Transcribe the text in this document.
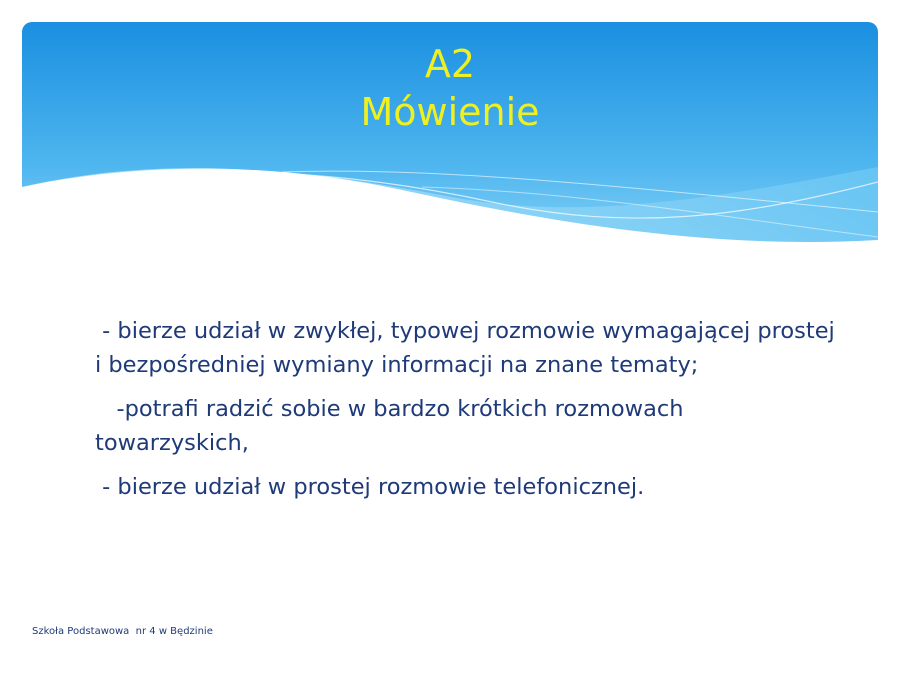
A2
Mówienie

- bierze udział w zwykłej, typowej rozmowie wymagającej prostej i bezpośredniej wymiany informacji na znane tematy;

-potrafi radzić sobie w bardzo krótkich rozmowach towarzyskich,

- bierze udział w prostej rozmowie telefonicznej.

Szkoła Podstawowa  nr 4 w Będzinie
